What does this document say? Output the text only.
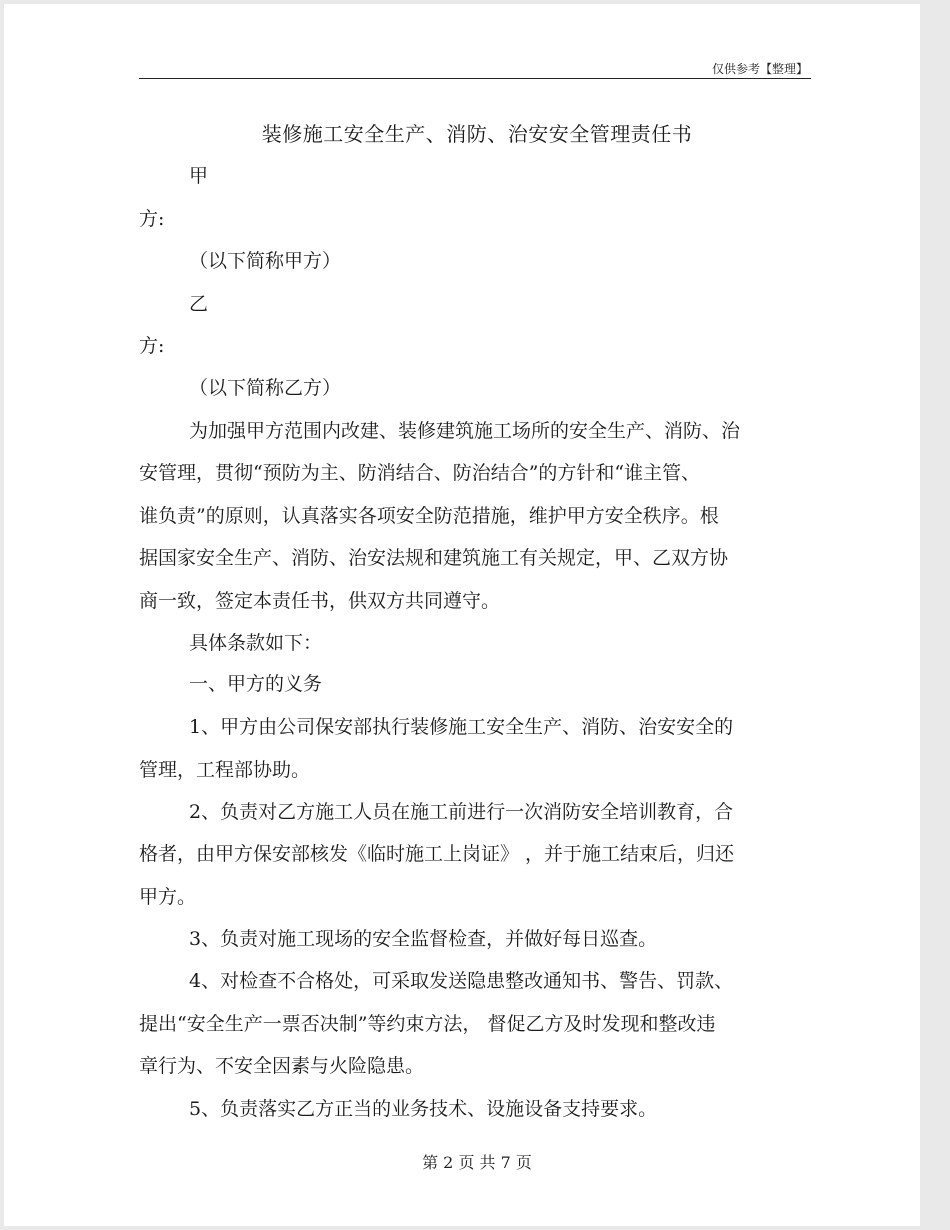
仅供参考【整理】
装修施工安全生产、消防、治安安全管理责任书
甲
方:
（以下简称甲方）
乙
方:
（以下简称乙方）
为加强甲方范围内改建、装修建筑施工场所的安全生产、消防、治
安管理，贯彻“预防为主、防消结合、防治结合”的方针和“谁主管、
谁负责”的原则，认真落实各项安全防范措施，维护甲方安全秩序。根
据国家安全生产、消防、治安法规和建筑施工有关规定，甲、乙双方协
商一致，签定本责任书，供双方共同遵守。
具体条款如下：
一、甲方的义务
1、甲方由公司保安部执行装修施工安全生产、消防、治安安全的
管理，工程部协助。
2、负责对乙方施工人员在施工前进行一次消防安全培训教育，合
格者，由甲方保安部核发《临时施工上岗证》 ，并于施工结束后，归还
甲方。
3、负责对施工现场的安全监督检查，并做好每日巡查。
4、对检查不合格处，可采取发送隐患整改通知书、警告、罚款、
提出“安全生产一票否决制”等约束方法， 督促乙方及时发现和整改违
章行为、不安全因素与火险隐患。
5、负责落实乙方正当的业务技术、设施设备支持要求。
第 2 页 共 7 页
